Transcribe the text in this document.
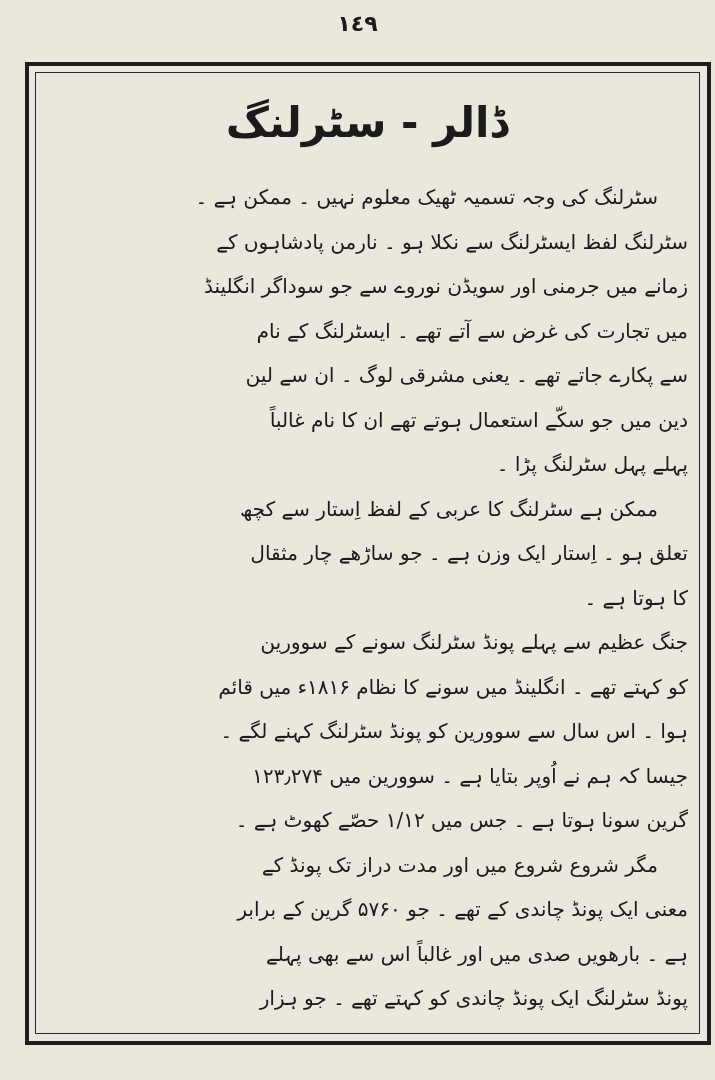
١٤٩
ڈالر - سٹرلنگ
سٹرلنگ کی وجہ تسمیہ ٹھیک معلوم نہیں ۔ ممکن ہے ۔
سٹرلنگ لفظ ایسٹرلنگ سے نکلا ہو ۔ نارمن پادشاہوں کے
زمانے میں جرمنی اور سویڈن نوروے سے جو سوداگر انگلینڈ
میں تجارت کی غرض سے آتے تھے ۔ ایسٹرلنگ کے نام
سے پکارے جاتے تھے ۔ یعنی مشرقی لوگ ۔ ان سے لین
دین میں جو سکّے استعمال ہوتے تھے ان کا نام غالباً
پہلے پہل سٹرلنگ پڑا ۔
ممکن ہے سٹرلنگ کا عربی کے لفظ اِستار سے کچھ
تعلق ہو ۔ اِستار ایک وزن ہے ۔ جو ساڑھے چار مثقال
کا ہوتا ہے ۔
جنگ عظیم سے پہلے پونڈ سٹرلنگ سونے کے سوورین
کو کہتے تھے ۔ انگلینڈ میں سونے کا نظام ۱۸۱۶ء میں قائم
ہوا ۔ اس سال سے سوورین کو پونڈ سٹرلنگ کہنے لگے ۔
جیسا کہ ہم نے اُوپر بتایا ہے ۔ سوورین میں ۱۲۳٫۲۷۴
گرین سونا ہوتا ہے ۔ جس میں ۱/۱۲ حصّے کھوٹ ہے ۔
مگر شروع شروع میں اور مدت دراز تک پونڈ کے
معنی ایک پونڈ چاندی کے تھے ۔ جو ۵۷۶۰ گرین کے برابر
ہے ۔ بارھویں صدی میں اور غالباً اس سے بھی پہلے
پونڈ سٹرلنگ ایک پونڈ چاندی کو کہتے تھے ۔ جو ہزار
